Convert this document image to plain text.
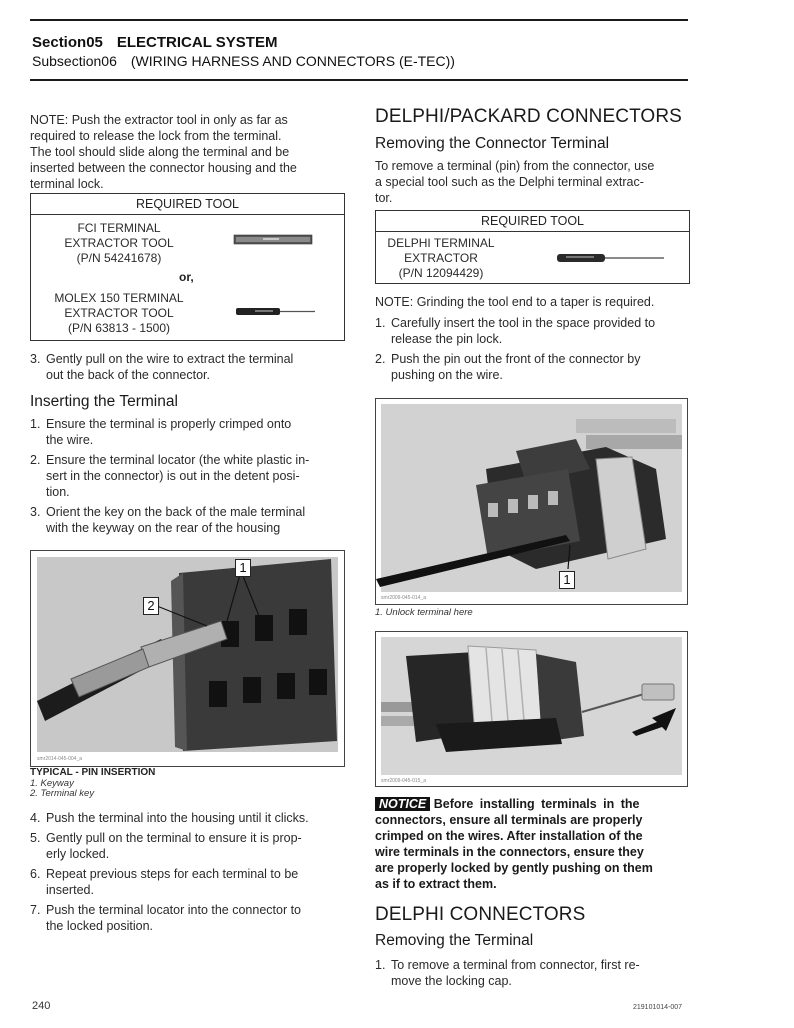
Section05 ELECTRICAL SYSTEM
Subsection06 (WIRING HARNESS AND CONNECTORS (E-TEC))
NOTE: Push the extractor tool in only as far as
required to release the lock from the terminal.
The tool should slide along the terminal and be
inserted between the connector housing and the
terminal lock.
REQUIRED TOOL
FCI TERMINAL
EXTRACTOR TOOL
(P/N 54241678)
or,
MOLEX 150 TERMINAL
EXTRACTOR TOOL
(P/N 63813 - 1500)
3. Gently pull on the wire to extract the terminal
out the back of the connector.
Inserting the Terminal
1. Ensure the terminal is properly crimped onto
the wire.
2. Ensure the terminal locator (the white plastic in-
sert in the connector) is out in the detent posi-
tion.
3. Orient the key on the back of the male terminal
with the keyway on the rear of the housing
1
2
smr2014-045-004_a
TYPICAL - PIN INSERTION
1. Keyway
2. Terminal key
4. Push the terminal into the housing until it clicks.
5. Gently pull on the terminal to ensure it is prop-
erly locked.
6. Repeat previous steps for each terminal to be
inserted.
7. Push the terminal locator into the connector to
the locked position.
DELPHI/PACKARD CONNECTORS
Removing the Connector Terminal
To remove a terminal (pin) from the connector, use
a special tool such as the Delphi terminal extrac-
tor.
REQUIRED TOOL
DELPHI TERMINAL
EXTRACTOR
(P/N 12094429)
NOTE: Grinding the tool end to a taper is required.
1. Carefully insert the tool in the space provided to
release the pin lock.
2. Push the pin out the front of the connector by
pushing on the wire.
1
smr2009-045-014_a
1. Unlock terminal here
smr2009-045-015_a
NOTICE Before installing terminals in the
connectors, ensure all terminals are properly
crimped on the wires. After installation of the
wire terminals in the connectors, ensure they
are properly locked by gently pushing on them
as if to extract them.
DELPHI CONNECTORS
Removing the Terminal
1. To remove a terminal from connector, first re-
move the locking cap.
240	219101014-007
